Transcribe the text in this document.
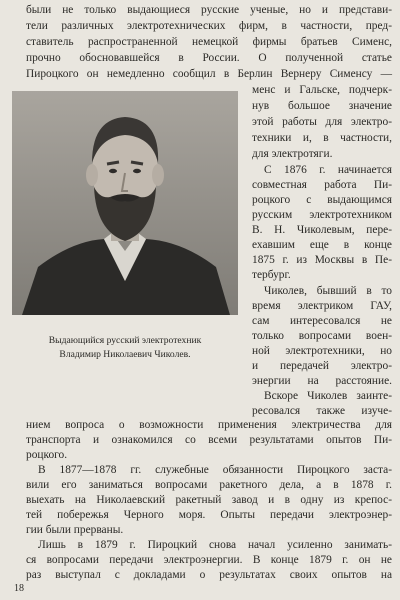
были не только выдающиеся русские ученые, но и представи-

тели различных электротехнических фирм, в частности, пред-

ставитель распространенной немецкой фирмы братьев Сименс,

прочно обосновавшейся в России. О полученной статье

Пироцкого он немедленно сообщил в Берлин Вернеру Сименсу —

менс и Гальске, подчерк-

нув большое значение

этой работы для электро-

техники и, в частности,

для электротяги.

С 1876 г. начинается

совместная работа Пи-

роцкого с выдающимся

русским электротехником

В. Н. Чиколевым, пере-

ехавшим еще в конце

1875 г. из Москвы в Пе-

тербург.

Чиколев, бывший в то

время электриком ГАУ,

сам интересовался не

только вопросами воен-

ной электротехники, но

и передачей электро-

энергии на расстояние.

Вскоре Чиколев заинте-

ресовался также изуче-

Выдающийся русский электротехник

Владимир Николаевич Чиколев.

нием вопроса о возможности применения электричества для

транспорта и ознакомился со всеми результатами опытов Пи-

роцкого.

В 1877—1878 гг. служебные обязанности Пироцкого заста-

вили его заниматься вопросами ракетного дела, а в 1878 г.

выехать на Николаевский ракетный завод и в одну из крепос-

тей побережья Черного моря. Опыты передачи электроэнер-

гии были прерваны.

Лишь в 1879 г. Пироцкий снова начал усиленно занимать-

ся вопросами передачи электроэнергии. В конце 1879 г. он не

раз выступал с докладами о результатах своих опытов на

18
